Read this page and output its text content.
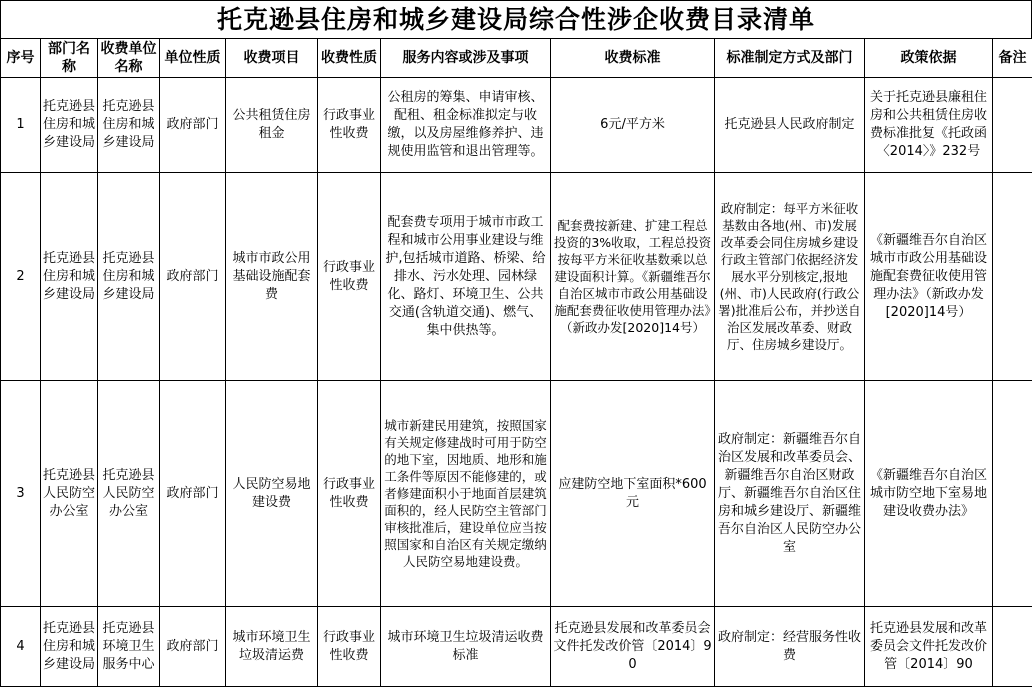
托克逊县住房和城乡建设局综合性涉企收费目录清单
序号	部门名称	收费单位名称	单位性质	收费项目	收费性质	服务内容或涉及事项	收费标准	标准制定方式及部门	政策依据	备注
1	托克逊县住房和城乡建设局	托克逊县住房和城乡建设局	政府部门	公共租赁住房租金	行政事业性收费	公租房的筹集、申请审核、配租、租金标准拟定与收缴，以及房屋维修养护、违规使用监管和退出管理等。	6元/平方米	托克逊县人民政府制定	关于托克逊县廉租住房和公共租赁住房收费标准批复《托政函〈2014〉》232号	
2	托克逊县住房和城乡建设局	托克逊县住房和城乡建设局	政府部门	城市市政公用基础设施配套费	行政事业性收费	配套费专项用于城市市政工程和城市公用事业建设与维护,包括城市道路、桥梁、给排水、污水处理、园林绿化、路灯、环境卫生、公共交通(含轨道交通)、燃气、集中供热等。	配套费按新建、扩建工程总投资的3%收取，工程总投资按每平方米征收基数乘以总建设面积计算。《新疆维吾尔自治区城市市政公用基础设施配套费征收使用管理办法》（新政办发[2020]14号）	政府制定：每平方米征收基数由各地(州、市)发展改革委会同住房城乡建设行政主管部门依据经济发展水平分别核定,报地(州、市)人民政府(行政公署)批准后公布，并抄送自治区发展改革委、财政厅、住房城乡建设厅。	《新疆维吾尔自治区城市市政公用基础设施配套费征收使用管理办法》（新政办发[2020]14号）	
3	托克逊县人民防空办公室	托克逊县人民防空办公室	政府部门	人民防空易地建设费	行政事业性收费	城市新建民用建筑，按照国家有关规定修建战时可用于防空的地下室，因地质、地形和施工条件等原因不能修建的，或者修建面积小于地面首层建筑面积的，经人民防空主管部门审核批准后，建设单位应当按照国家和自治区有关规定缴纳人民防空易地建设费。	应建防空地下室面积*600元	政府制定：新疆维吾尔自治区发展和改革委员会、新疆维吾尔自治区财政厅、新疆维吾尔自治区住房和城乡建设厅、新疆维吾尔自治区人民防空办公室	《新疆维吾尔自治区城市防空地下室易地建设收费办法》	
4	托克逊县住房和城乡建设局	托克逊县环境卫生服务中心	政府部门	城市环境卫生垃圾清运费	行政事业性收费	城市环境卫生垃圾清运收费标准	托克逊县发展和改革委员会文件托发改价管〔2014〕90	政府制定：经营服务性收费	托克逊县发展和改革委员会文件托发改价管〔2014〕90	
